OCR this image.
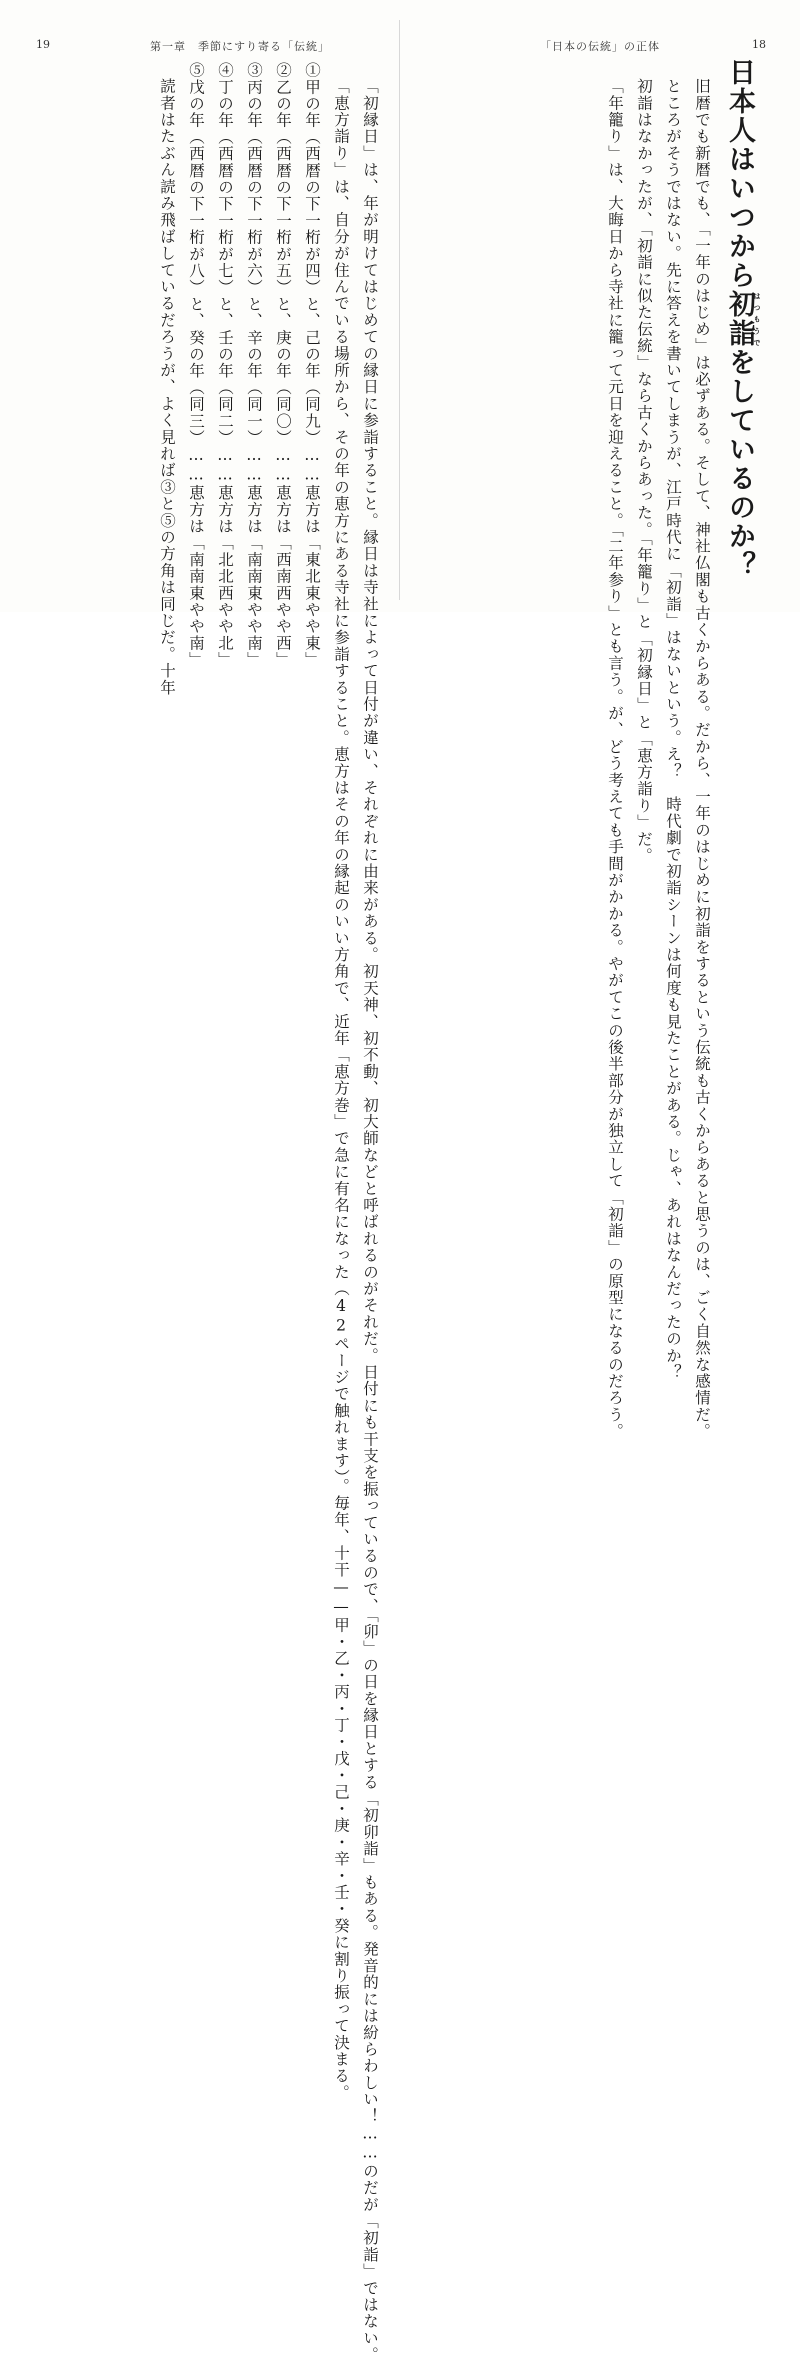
19	第一章　季節にすり寄る「伝統」	「日本の伝統」の正体	18
日本人はいつから初詣はつもうでをしているのか？

旧暦でも新暦でも、「一年のはじめ」は必ずある。そして、神社仏閣も古くからある。だから、一年のはじめに初詣をするという伝統も古くからあると思うのは、ごく自然な感情だ。

ところがそうではない。先に答えを書いてしまうが、江戸時代に「初詣」はないという。え？　時代劇で初詣シーンは何度も見たことがある。じゃ、あれはなんだったのか？

初詣はなかったが、「初詣に似た伝統」なら古くからあった。「年籠り」と「初縁日」と「恵方詣り」だ。

「年籠り」は、大晦日から寺社に籠って元日を迎えること。「二年参り」とも言う。が、どう考えても手間がかかる。やがてこの後半部分が独立して「初詣」の原型になるのだろう。

「初縁日」は、年が明けてはじめての縁日に参詣すること。縁日は寺社によって日付が違い、それぞれに由来がある。初天神、初不動、初大師などと呼ばれるのがそれだ。日付にも干支を振っているので、「卯」の日を縁日とする「初卯詣」もある。発音的には紛らわしい！……のだが「初詣」ではない。

「恵方詣り」は、自分が住んでいる場所から、その年の恵方にある寺社に参詣すること。恵方はその年の縁起のいい方角で、近年「恵方巻」で急に有名になった（42ページで触れます）。毎年、十干——甲・乙・丙・丁・戊・己・庚・辛・壬・癸に割り振って決まる。

①甲の年（西暦の下一桁が四）と、己の年（同九）……恵方は「東北東やや東」

②乙の年（西暦の下一桁が五）と、庚の年（同〇）……恵方は「西南西やや西」

③丙の年（西暦の下一桁が六）と、辛の年（同一）……恵方は「南南東やや南」

④丁の年（西暦の下一桁が七）と、壬の年（同二）……恵方は「北北西やや北」

⑤戊の年（西暦の下一桁が八）と、癸の年（同三）……恵方は「南南東やや南」

読者はたぶん読み飛ばしているだろうが、よく見れば③と⑤の方角は同じだ。十年
